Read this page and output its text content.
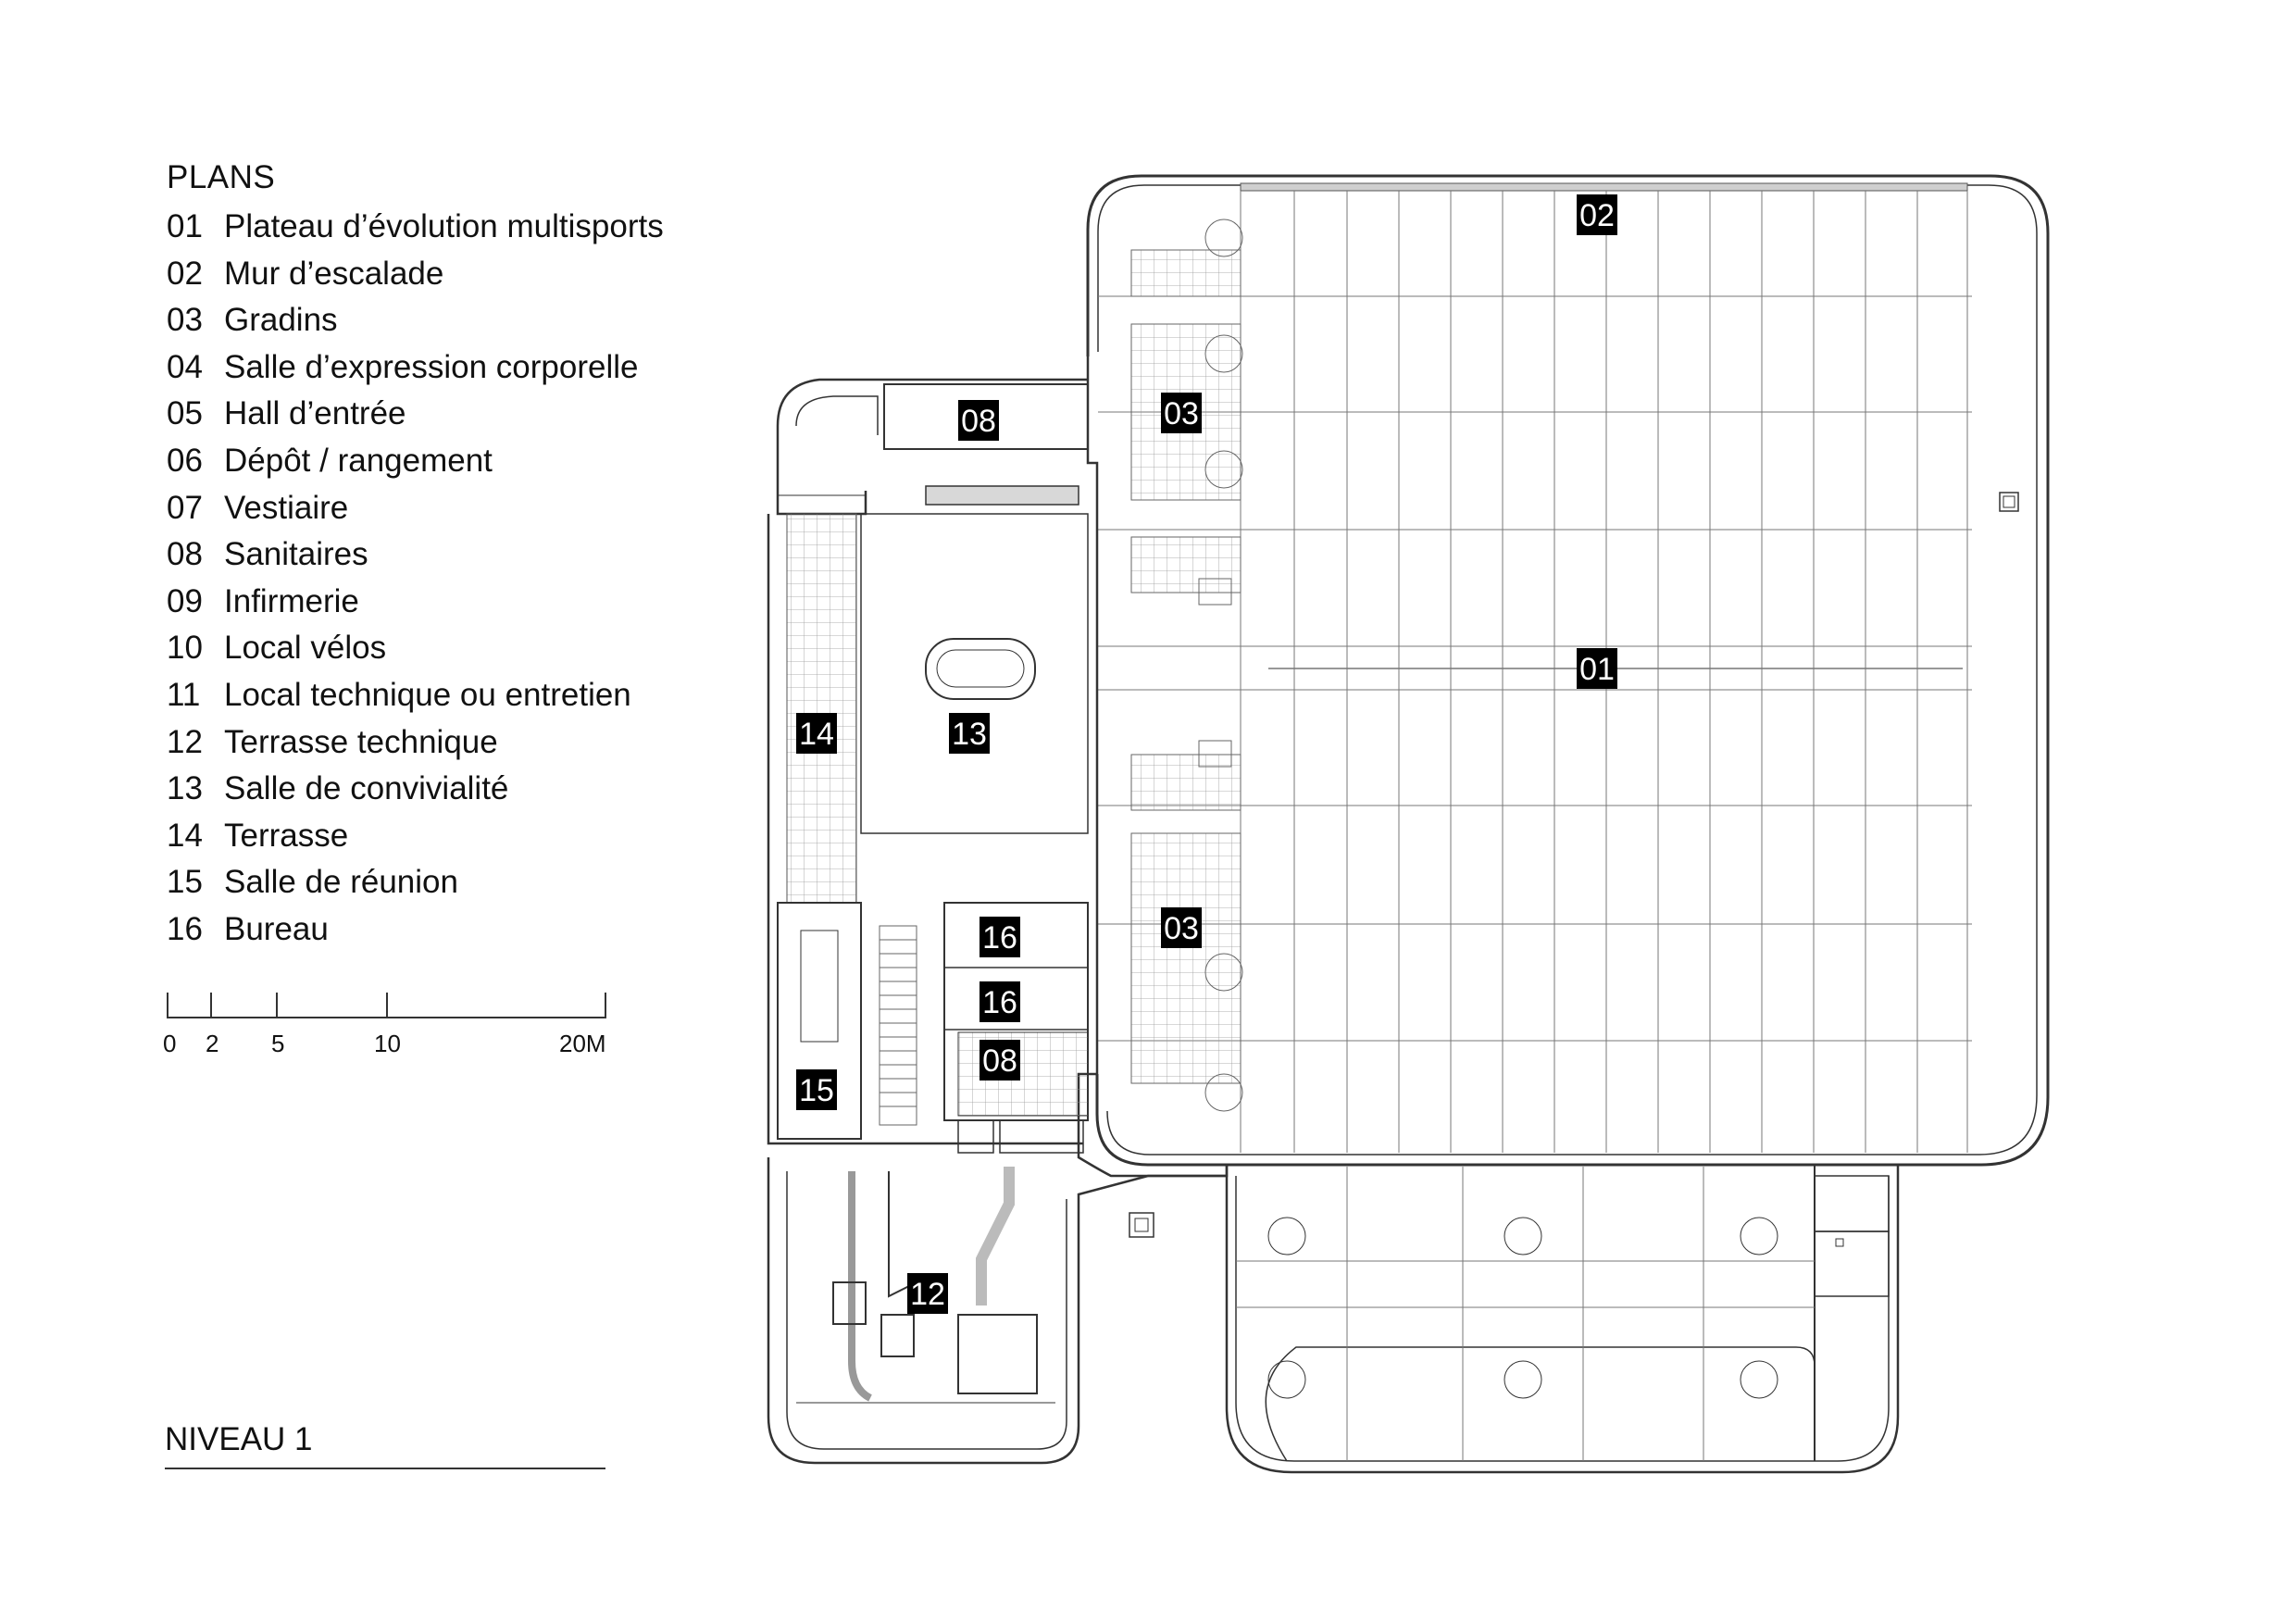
PLANS
01 Plateau d’évolution multisports
02 Mur d’escalade
03 Gradins
04 Salle d’expression corporelle
05 Hall d’entrée
06 Dépôt / rangement
07 Vestiaire
08 Sanitaires
09 Infirmerie
10 Local vélos
11 Local technique ou entretien
12 Terrasse technique
13 Salle de convivialité
14 Terrasse
15 Salle de réunion
16 Bureau
0 2 5	10	20M
NIVEAU 1
02
03
08
01
14	13
03
16
16
08
15
12
